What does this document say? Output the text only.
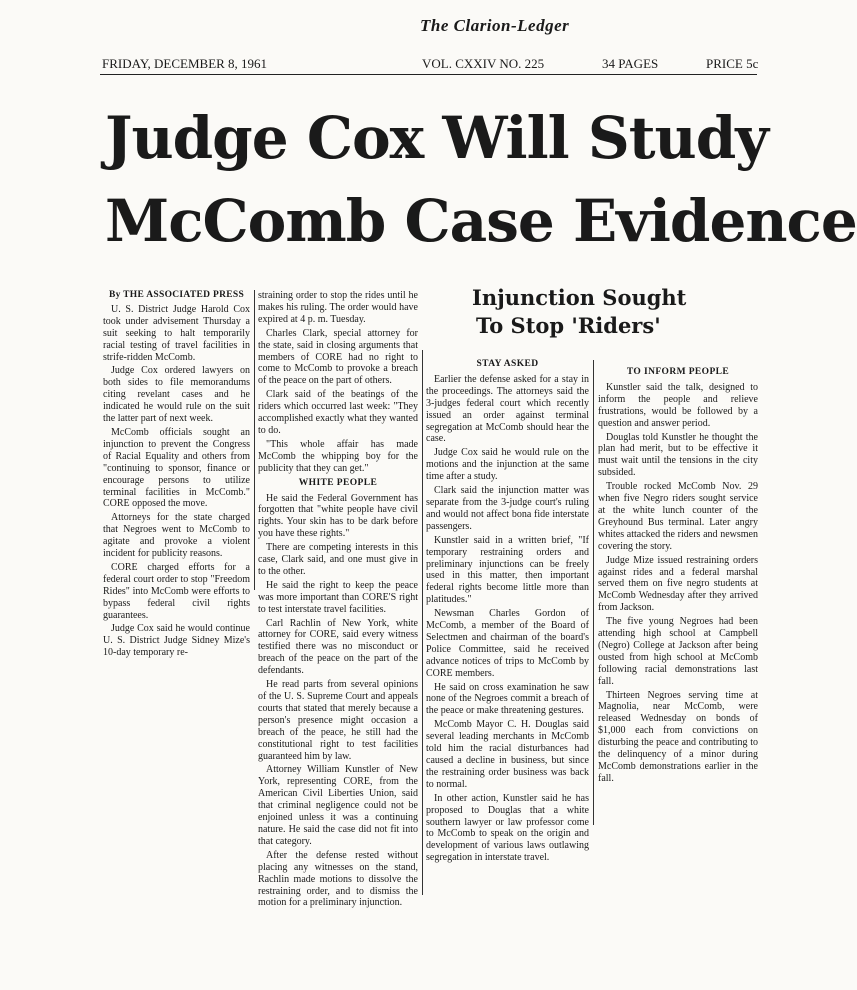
The Clarion-Ledger
FRIDAY, DECEMBER 8, 1961	VOL. CXXIV NO. 225	34 PAGES	PRICE 5c
Judge Cox Will Study
McComb Case Evidence
Injunction Sought
To Stop 'Riders'
By THE ASSOCIATED PRESS

U. S. District Judge Harold Cox took under advisement Thursday a suit seeking to halt temporarily racial testing of travel facilities in strife-ridden McComb.

Judge Cox ordered lawyers on both sides to file memorandums citing revelant cases and he indicated he would rule on the suit the latter part of next week.

McComb officials sought an injunction to prevent the Congress of Racial Equality and others from "continuing to sponsor, finance or encourage persons to utilize terminal facilities in McComb." CORE opposed the move.

Attorneys for the state charged that Negroes went to McComb to agitate and provoke a violent incident for publicity reasons.

CORE charged efforts for a federal court order to stop "Freedom Rides" into McComb were efforts to bypass federal civil rights guarantees.

Judge Cox said he would continue U. S. District Judge Sidney Mize's 10-day temporary re-

straining order to stop the rides until he makes his ruling. The order would have expired at 4 p. m. Tuesday.

Charles Clark, special attorney for the state, said in closing arguments that members of CORE had no right to come to McComb to provoke a breach of the peace on the part of others.

Clark said of the beatings of the riders which occurred last week: "They accomplished exactly what they wanted to do.

"This whole affair has made McComb the whipping boy for the publicity that they can get."

WHITE PEOPLE

He said the Federal Government has forgotten that "white people have civil rights. Your skin has to be dark before you have these rights."

There are competing interests in this case, Clark said, and one must give in to the other.

He said the right to keep the peace was more important than CORE'S right to test interstate travel facilities.

Carl Rachlin of New York, white attorney for CORE, said every witness testified there was no misconduct or breach of the peace on the part of the defendants.

He read parts from several opinions of the U. S. Supreme Court and appeals courts that stated that merely because a person's presence might occasion a breach of the peace, he still had the constitutional right to test facilities guaranteed him by law.

Attorney William Kunstler of New York, representing CORE, from the American Civil Liberties Union, said that criminal negligence could not be enjoined unless it was a continuing nature. He said the case did not fit into that category.

After the defense rested without placing any witnesses on the stand, Rachlin made motions to dissolve the restraining order, and to dismiss the motion for a preliminary injunction.

STAY ASKED

Earlier the defense asked for a stay in the proceedings. The attorneys said the 3-judges federal court which recently issued an order against terminal segregation at McComb should hear the case.

Judge Cox said he would rule on the motions and the injunction at the same time after a study.

Clark said the injunction matter was separate from the 3-judge court's ruling and would not affect bona fide interstate passengers.

Kunstler said in a written brief, "If temporary restraining orders and preliminary injunctions can be freely used in this matter, then important federal rights become little more than platitudes."

Newsman Charles Gordon of McComb, a member of the Board of Selectmen and chairman of the board's Police Committee, said he received advance notices of trips to McComb by CORE members.

He said on cross examination he saw none of the Negroes commit a breach of the peace or make threatening gestures.

McComb Mayor C. H. Douglas said several leading merchants in McComb told him the racial disturbances had caused a decline in business, but since the restraining order business was back to normal.

In other action, Kunstler said he has proposed to Douglas that a white southern lawyer or law professor come to McComb to speak on the origin and development of various laws outlawing segregation in interstate travel.

TO INFORM PEOPLE

Kunstler said the talk, designed to inform the people and relieve frustrations, would be followed by a question and answer period.

Douglas told Kunstler he thought the plan had merit, but to be effective it must wait until the tensions in the city subsided.

Trouble rocked McComb Nov. 29 when five Negro riders sought service at the white lunch counter of the Greyhound Bus terminal. Later angry whites attacked the riders and newsmen covering the story.

Judge Mize issued restraining orders against rides and a federal marshal served them on five negro students at McComb Wednesday after they arrived from Jackson.

The five young Negroes had been attending high school at Campbell (Negro) College at Jackson after being ousted from high school at McComb following racial demonstrations last fall.

Thirteen Negroes serving time at Magnolia, near McComb, were released Wednesday on bonds of $1,000 each from convictions on disturbing the peace and contributing to the delinquency of a minor during McComb demonstrations earlier in the fall.
